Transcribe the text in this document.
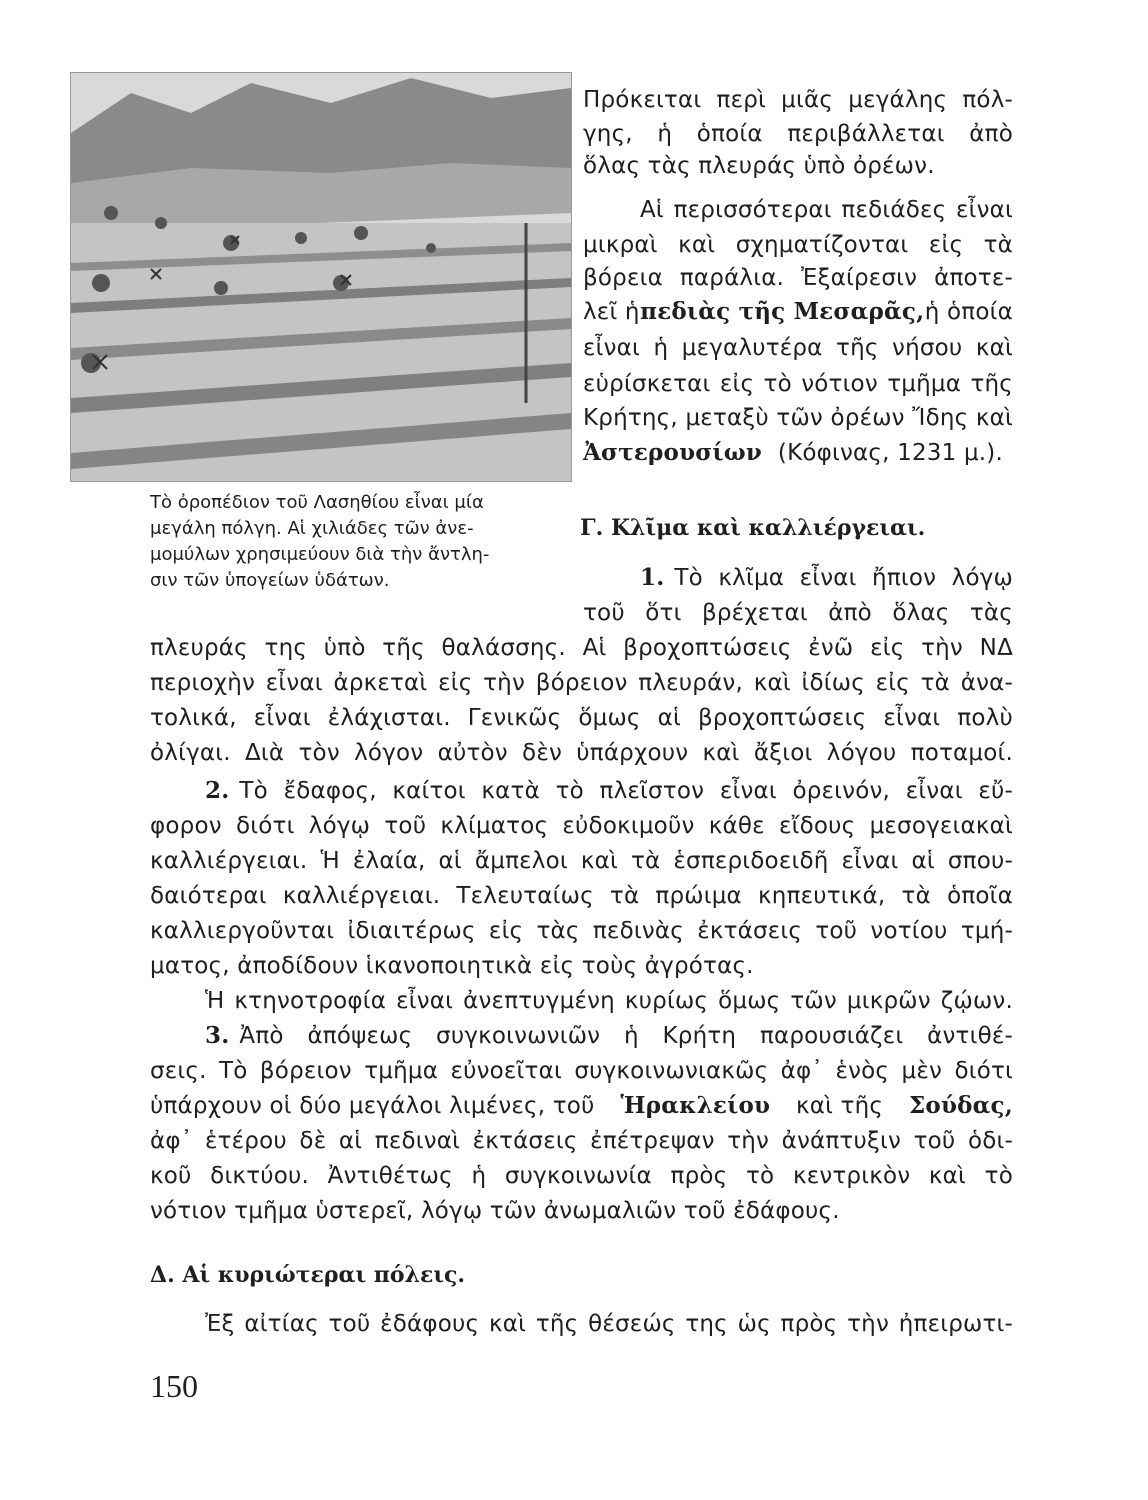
Τὸ ὀροπέδιον τοῦ Λασηθίου εἶναι μία
μεγάλη πόλγη. Αἱ χιλιάδες τῶν ἀνε-
μομύλων χρησιμεύουν διὰ τὴν ἄντλη-
σιν τῶν ὑπογείων ὑδάτων.
Πρόκειται περὶ μιᾶς μεγάλης πόλ-
γης, ἡ ὁποία περιβάλλεται ἀπὸ
ὅλας τὰς πλευράς ὑπὸ ὀρέων.
Αἱ περισσότεραι πεδιάδες εἶναι
μικραὶ καὶ σχηματίζονται εἰς τὰ
βόρεια παράλια. Ἐξαίρεσιν ἀποτε-
λεῖ ἡ πεδιὰς τῆς Μεσαρᾶς, ἡ ὁποία
εἶναι ἡ μεγαλυτέρα τῆς νήσου καὶ
εὑρίσκεται εἰς τὸ νότιον τμῆμα τῆς
Κρήτης, μεταξὺ τῶν ὀρέων Ἴδης καὶ
Ἀστερουσίων (Κόφινας, 1231 μ.).
Γ. Κλῖμα καὶ καλλιέργειαι.
1. Τὸ κλῖμα εἶναι ἤπιον λόγῳ
τοῦ ὅτι βρέχεται ἀπὸ ὅλας τὰς
πλευράς της ὑπὸ τῆς θαλάσσης. Αἱ βροχοπτώσεις ἐνῶ εἰς τὴν ΝΔ
περιοχὴν εἶναι ἀρκεταὶ εἰς τὴν βόρειον πλευράν, καὶ ἰδίως εἰς τὰ ἀνα-
τολικά, εἶναι ἐλάχισται. Γενικῶς ὅμως αἱ βροχοπτώσεις εἶναι πολὺ
ὀλίγαι. Διὰ τὸν λόγον αὐτὸν δὲν ὑπάρχουν καὶ ἄξιοι λόγου ποταμοί.
2. Τὸ ἔδαφος, καίτοι κατὰ τὸ πλεῖστον εἶναι ὀρεινόν, εἶναι εὔ-
φορον διότι λόγῳ τοῦ κλίματος εὐδοκιμοῦν κάθε εἴδους μεσογειακαὶ
καλλιέργειαι. Ἡ ἐλαία, αἱ ἄμπελοι καὶ τὰ ἑσπεριδοειδῆ εἶναι αἱ σπου-
δαιότεραι καλλιέργειαι. Τελευταίως τὰ πρώιμα κηπευτικά, τὰ ὁποῖα
καλλιεργοῦνται ἰδιαιτέρως εἰς τὰς πεδινὰς ἐκτάσεις τοῦ νοτίου τμή-
ματος, ἀποδίδουν ἱκανοποιητικὰ εἰς τοὺς ἀγρότας.
Ἡ κτηνοτροφία εἶναι ἀνεπτυγμένη κυρίως ὅμως τῶν μικρῶν ζῴων.
3. Ἀπὸ ἀπόψεως συγκοινωνιῶν ἡ Κρήτη παρουσιάζει ἀντιθέ-
σεις. Τὸ βόρειον τμῆμα εὐνοεῖται συγκοινωνιακῶς ἀφ᾽ ἑνὸς μὲν διότι
ὑπάρχουν οἱ δύο μεγάλοι λιμένες, τοῦ Ἡρακλείου καὶ τῆς Σούδας,
ἀφ᾽ ἑτέρου δὲ αἱ πεδιναὶ ἐκτάσεις ἐπέτρεψαν τὴν ἀνάπτυξιν τοῦ ὁδι-
κοῦ δικτύου. Ἀντιθέτως ἡ συγκοινωνία πρὸς τὸ κεντρικὸν καὶ τὸ
νότιον τμῆμα ὑστερεῖ, λόγῳ τῶν ἀνωμαλιῶν τοῦ ἐδάφους.
Δ. Αἱ κυριώτεραι πόλεις.
Ἐξ αἰτίας τοῦ ἐδάφους καὶ τῆς θέσεώς της ὡς πρὸς τὴν ἠπειρωτι-
150
